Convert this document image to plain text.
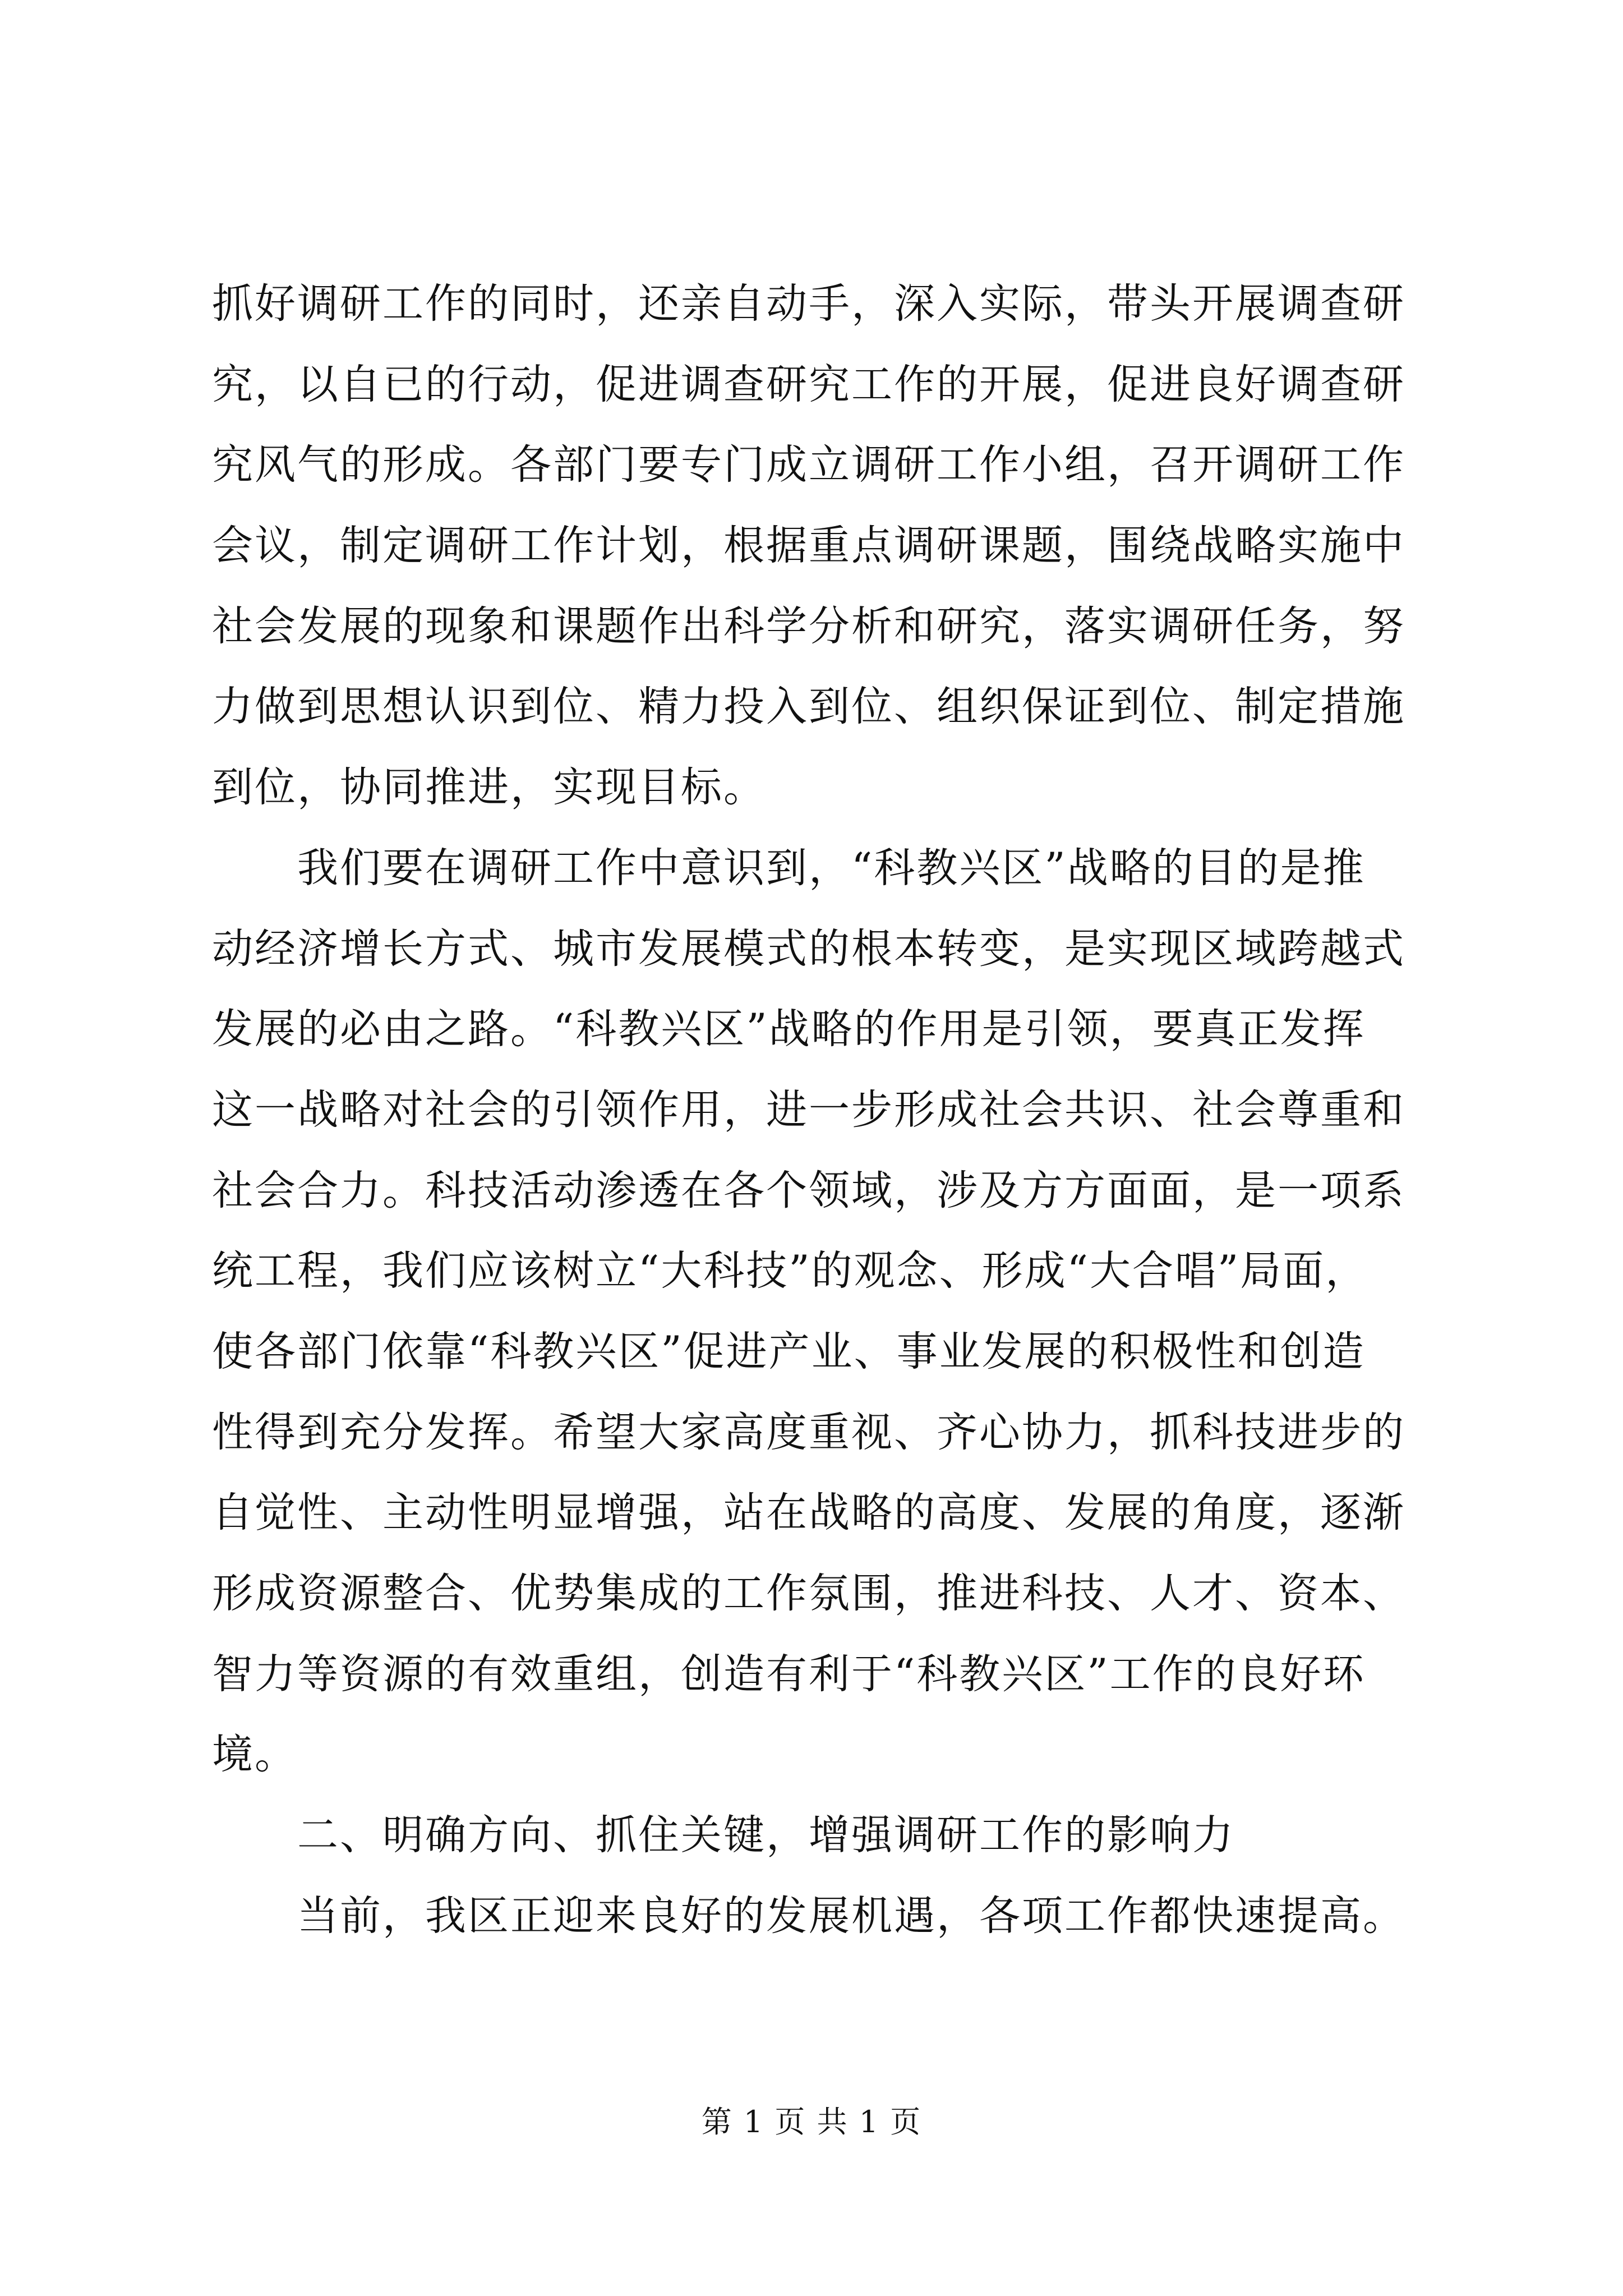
抓好调研工作的同时，还亲自动手，深入实际，带头开展调查研
究，以自已的行动，促进调查研究工作的开展，促进良好调查研
究风气的形成。各部门要专门成立调研工作小组，召开调研工作
会议，制定调研工作计划，根据重点调研课题，围绕战略实施中
社会发展的现象和课题作出科学分析和研究，落实调研任务，努
力做到思想认识到位、精力投入到位、组织保证到位、制定措施
到位，协同推进，实现目标。
　　我们要在调研工作中意识到，“科教兴区”战略的目的是推
动经济增长方式、城市发展模式的根本转变，是实现区域跨越式
发展的必由之路。“科教兴区”战略的作用是引领，要真正发挥
这一战略对社会的引领作用，进一步形成社会共识、社会尊重和
社会合力。科技活动渗透在各个领域，涉及方方面面，是一项系
统工程，我们应该树立“大科技”的观念、形成“大合唱”局面，
使各部门依靠“科教兴区”促进产业、事业发展的积极性和创造
性得到充分发挥。希望大家高度重视、齐心协力，抓科技进步的
自觉性、主动性明显增强，站在战略的高度、发展的角度，逐渐
形成资源整合、优势集成的工作氛围，推进科技、人才、资本、
智力等资源的有效重组，创造有利于“科教兴区”工作的良好环
境。
　　二、明确方向、抓住关键，增强调研工作的影响力
　　当前，我区正迎来良好的发展机遇，各项工作都快速提高。
第 1 页 共 1 页
